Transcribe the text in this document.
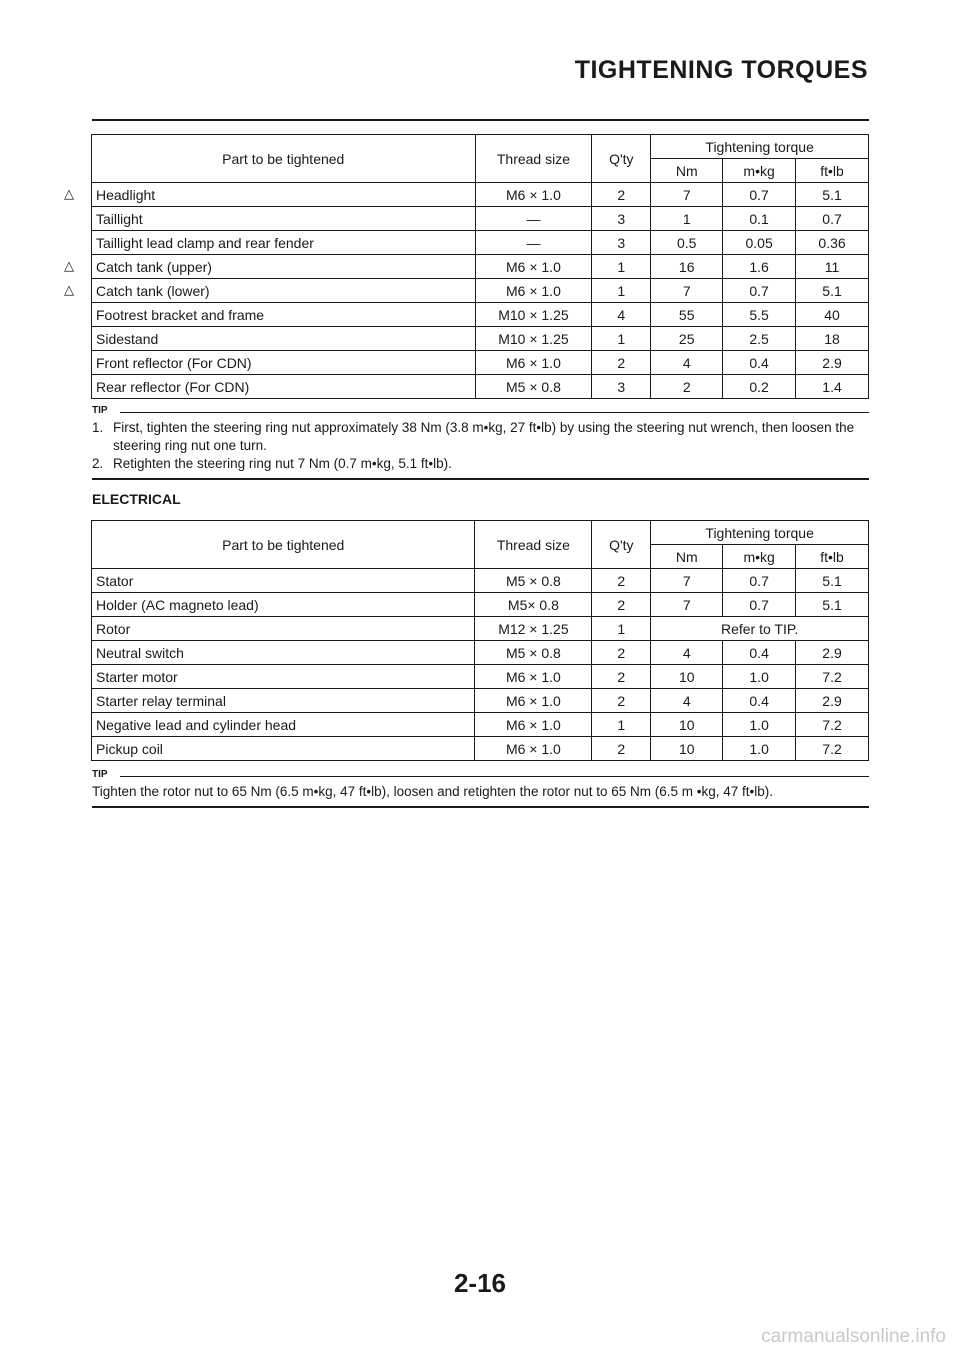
TIGHTENING TORQUES
Part to be tightened	Thread size	Q'ty	Tightening torque		
			Nm	m•kg	ft•lb
Headlight	M6 × 1.0	2	7	0.7	5.1
Taillight	—	3	1	0.1	0.7
Taillight lead clamp and rear fender	—	3	0.5	0.05	0.36
Catch tank (upper)	M6 × 1.0	1	16	1.6	11
Catch tank (lower)	M6 × 1.0	1	7	0.7	5.1
Footrest bracket and frame	M10 × 1.25	4	55	5.5	40
Sidestand	M10 × 1.25	1	25	2.5	18
Front reflector (For CDN)	M6 × 1.0	2	4	0.4	2.9
Rear reflector (For CDN)	M5 × 0.8	3	2	0.2	1.4
△
△
△
TIP
1. First, tighten the steering ring nut approximately 38 Nm (3.8 m•kg, 27 ft•lb) by using the steering nut wrench, then loosen the steering ring nut one turn.
2. Retighten the steering ring nut 7 Nm (0.7 m•kg, 5.1 ft•lb).
ELECTRICAL
Part to be tightened	Thread size	Q'ty	Tightening torque		
			Nm	m•kg	ft•lb
Stator	M5 × 0.8	2	7	0.7	5.1
Holder (AC magneto lead)	M5× 0.8	2	7	0.7	5.1
Rotor	M12 × 1.25	1	Refer to TIP.		
Neutral switch	M5 × 0.8	2	4	0.4	2.9
Starter motor	M6 × 1.0	2	10	1.0	7.2
Starter relay terminal	M6 × 1.0	2	4	0.4	2.9
Negative lead and cylinder head	M6 × 1.0	1	10	1.0	7.2
Pickup coil	M6 × 1.0	2	10	1.0	7.2
TIP
Tighten the rotor nut to 65 Nm (6.5 m•kg, 47 ft•lb), loosen and retighten the rotor nut to 65 Nm (6.5 m •kg, 47 ft•lb).
2-16
carmanualsonline.info
